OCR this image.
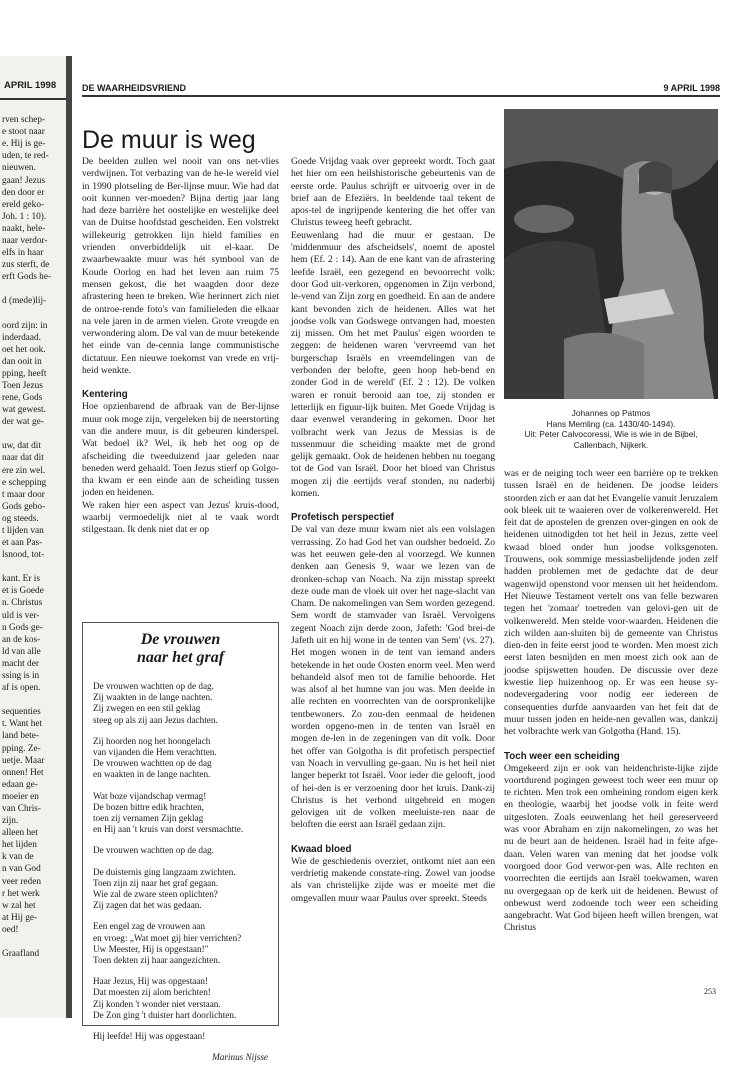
APRIL 1998
rven schep-
e stoot naar
e. Hij is ge-
uden, te red-
nieuwen.
gaan! Jezus
den door er
ereld geko-
Joh. 1 : 10).
naakt, hele-
naar verdor-
elfs in haar
zus sterft, de
erft Gods he-
d (mede)lij-
oord zijn: in
inderdaad.
oet het ook.
dan ooit in
pping, heeft
Toen Jezus
rene, Gods
wat gewest.
der wat ge-
uw, dat dit
naar dat dit
ere zin wel.
e schepping
t maar door
Gods gebo-
og steeds.
t lijden van
et aan Pas-
lsnood, tot-
kant. Er is
et is Goede
n. Christus
uld is ver-
n Gods ge-
an de kos-
ld van alle
macht der
ssing is in
af is open.
sequenties
t. Want het
land bete-
pping. Ze-
uetje. Maar
onnen! Het
edaan ge-
moeier en
van Chris-
zijn.
alleen het
het lijden
k van de
n van God
veer reden
r het werk
w zal het
at Hij ge-
oed!
Graafland
DE WAARHEIDSVRIEND	9 APRIL 1998
De muur is weg

De beelden zullen wel nooit van ons net-vlies verdwijnen. Tot verbazing van de he-le wereld viel in 1990 plotseling de Ber-lijnse muur. Wie had dat ooit kunnen ver-moeden? Bijna dertig jaar lang had deze barrière het oostelijke en westelijke deel van de Duitse hoofdstad gescheiden. Een volstrekt willekeurig getrokken lijn hield families en vrienden onverbiddelijk uit el-kaar. De zwaarbewaakte muur was hét symbool van de Koude Oorlog en had het leven aan ruim 75 mensen gekost, die het waagden door deze afrastering heen te breken. Wie herinnert zich niet de ontroe-rende foto's van familieleden die elkaar na vele jaren in de armen vielen. Grote vreugde en verwondering alom. De val van de muur betekende het einde van de-cennia lange communistische dictatuur. Een nieuwe toekomst van vrede en vrij-heid wenkte.

Kentering

Hoe opzienbarend de afbraak van de Ber-lijnse muur ook moge zijn, vergeleken bij de neerstorting van die andere muur, is dit gebeuren kinderspel. Wat bedoel ik? Wel, ik heb het oog op de afscheiding die tweeduizend jaar geleden naar beneden werd gehaald. Toen Jezus stierf op Golgo-tha kwam er een einde aan de scheiding tussen joden en heidenen.

We raken hier een aspect van Jezus' kruis-dood, waarbij vermoedelijk niet al te vaak wordt stilgestaan. Ik denk niet dat er op

De vrouwen
naar het graf
De vrouwen wachtten op de dag.
Zij waakten in de lange nachten.
Zij zwegen en een stil geklag
steeg op als zij aan Jezus dachten.
Zij hoorden nog het hoongelach
van vijanden die Hem verachtten.
De vrouwen wachtten op de dag
en waakten in de lange nachten.
Wat boze vijandschap vermag!
De bozen bittre edik brachten,
toen zij vernamen Zijn geklag
en Hij aan 't kruis van dorst versmachtte.
De vrouwen wachtten op de dag.
De duisternis ging langzaam zwichten.
Toen zijn zij naar het graf gegaan.
Wie zal de zware steen oplichten?
Zij zagen dat het was gedaan.
Een engel zag de vrouwen aan
en vroeg: „Wat moet gij hier verrichten?
Uw Meester, Hij is opgestaan!"
Toen dekten zij haar aangezichten.
Haar Jezus, Hij was opgestaan!
Dat moesten zij alom berichten!
Zij konden 't wonder niet verstaan.
De Zon ging 't duister hart doorlichten.
Hij leefde! Hij was opgestaan!
Marinus Nijsse

Goede Vrijdag vaak over gepreekt wordt. Toch gaat het hier om een heilshistorische gebeurtenis van de eerste orde. Paulus schrijft er uitvoerig over in de brief aan de Efeziërs. In beeldende taal tekent de apos-tel de ingrijpende kentering die het offer van Christus teweeg heeft gebracht.

Eeuwenlang had die muur er gestaan. De 'middenmuur des afscheidsels', noemt de apostel hem (Ef. 2 : 14). Aan de ene kant van de afrastering leefde Israël, een gezegend en bevoorrecht volk: door God uit-verkoren, opgenomen in Zijn verbond, le-vend van Zijn zorg en goedheid. En aan de andere kant bevonden zich de heidenen. Alles wat het joodse volk van Godswege ontvangen had, moesten zij missen. Om het met Paulus' eigen woorden te zeggen: de heidenen waren 'vervreemd van het burgerschap Israëls en vreemdelingen van de verbonden der belofte, geen hoop heb-bend en zonder God in de wereld' (Ef. 2 : 12). De volken waren er ronuit berooid aan toe, zij stonden er letterlijk en figuur-lijk buiten. Met Goede Vrijdag is daar evenwel verandering in gekomen. Door het volbracht werk van Jezus de Messias is de tussenmuur die scheiding maakte met de grond gelijk gemaakt. Ook de heidenen hebben nu toegang tot de God van Israël. Door het bloed van Christus mogen zij die eertijds veraf stonden, nu naderbij komen.

Profetisch perspectief

De val van deze muur kwam niet als een volslagen verrassing. Zo had God het van oudsher bedoeld. Zo was het eeuwen gele-den al voorzegd. We kunnen denken aan Genesis 9, waar we lezen van de dronken-schap van Noach. Na zijn misstap spreekt deze oude man de vloek uit over het nage-slacht van Cham. De nakomelingen van Sem worden gezegend. Sem wordt de stamvader van Israël. Vervolgens zegent Noach zijn derde zoon, Jafeth: 'God brei-de Jafeth uit en hij wone in de tenten van Sem' (vs. 27). Het mogen wonen in de tent van iemand anders betekende in het oude Oosten enorm veel. Men werd behandeld alsof men tot de familie behoorde. Het was alsof al het humne van jou was. Men deelde in alle rechten en voorrechten van de oorspronkelijke tentbewoners. Zo zou-den eenmaal de heidenen worden opgeno-men in de tenten van Israël en mogen de-len in de zegeningen van dit volk. Door het offer van Golgotha is dit profetisch perspectief van Noach in vervulling ge-gaan. Nu is het heil niet langer beperkt tot Israël. Voor ieder die gelooft, jood of hei-den is er verzoening door het kruis. Dank-zij Christus is het verbond uitgebreid en mogen gelovigen uit de volken meeluiste-ren naar de beloften die eerst aan Israël gedaan zijn.

Kwaad bloed

Wie de geschiedenis overziet, ontkomt niet aan een verdrietig makende constate-ring. Zowel van joodse als van christelijke zijde was er moeite met die omgevallen muur waar Paulus over spreekt. Steeds

Johannes op Patmos
Hans Memling (ca. 1430/40-1494).
Uit: Peter Calvocoressi, Wie is wie in de Bijbel,
Callenbach, Nijkerk.

was er de neiging toch weer een barrière op te trekken tussen Israël en de heidenen. De joodse leiders stoorden zich er aan dat het Evangelie vanuit Jeruzalem ook bleek uit te waaieren over de volkerenwereld. Het feit dat de apostelen de grenzen over-gingen en ook de heidenen uitnodigden tot het heil in Jezus, zette veel kwaad bloed onder hun joodse volksgenoten. Trouwens, ook sommige messiasbelijdende joden zelf hadden problemen met de gedachte dat de deur wagenwijd openstond voor mensen uit het heidendom. Het Nieuwe Testament vertelt ons van felle bezwaren tegen het 'zomaar' toetreden van gelovi-gen uit de volkenwereld. Men stelde voor-waarden. Heidenen die zich wilden aan-sluiten bij de gemeente van Christus dien-den in feite eerst jood te worden. Men moest zich eerst laten besnijden en men moest zich ook aan de joodse spijswetten houden. De discussie over deze kwestie liep huizenhoog op. Er was een heuse sy-nodevergadering voor nodig eer iedereen de consequenties durfde aanvaarden van het feit dat de muur tussen joden en heide-nen gevallen was, dankzij het volbrachte werk van Golgotha (Hand. 15).

Toch weer een scheiding

Omgekeerd zijn er ook van heidenchriste-lijke zijde voortdurend pogingen geweest toch weer een muur op te richten. Men trok een omheining rondom eigen kerk en theologie, waarbij het joodse volk in feite werd uitgesloten. Zoals eeuwenlang het heil gereserveerd was voor Abraham en zijn nakomelingen, zo was het nu de beurt aan de heidenen. Israël had in feite afge-daan. Velen waren van mening dat het joodse volk voorgoed door God verwor-pen was. Alle rechten en voorrechten die eertijds aan Israël toekwamen, waren nu overgegaan op de kerk uit de heidenen. Bewust of onbewust werd zodoende toch weer een scheiding aangebracht. Wat God bijeen heeft willen brengen, wat Christus

253
